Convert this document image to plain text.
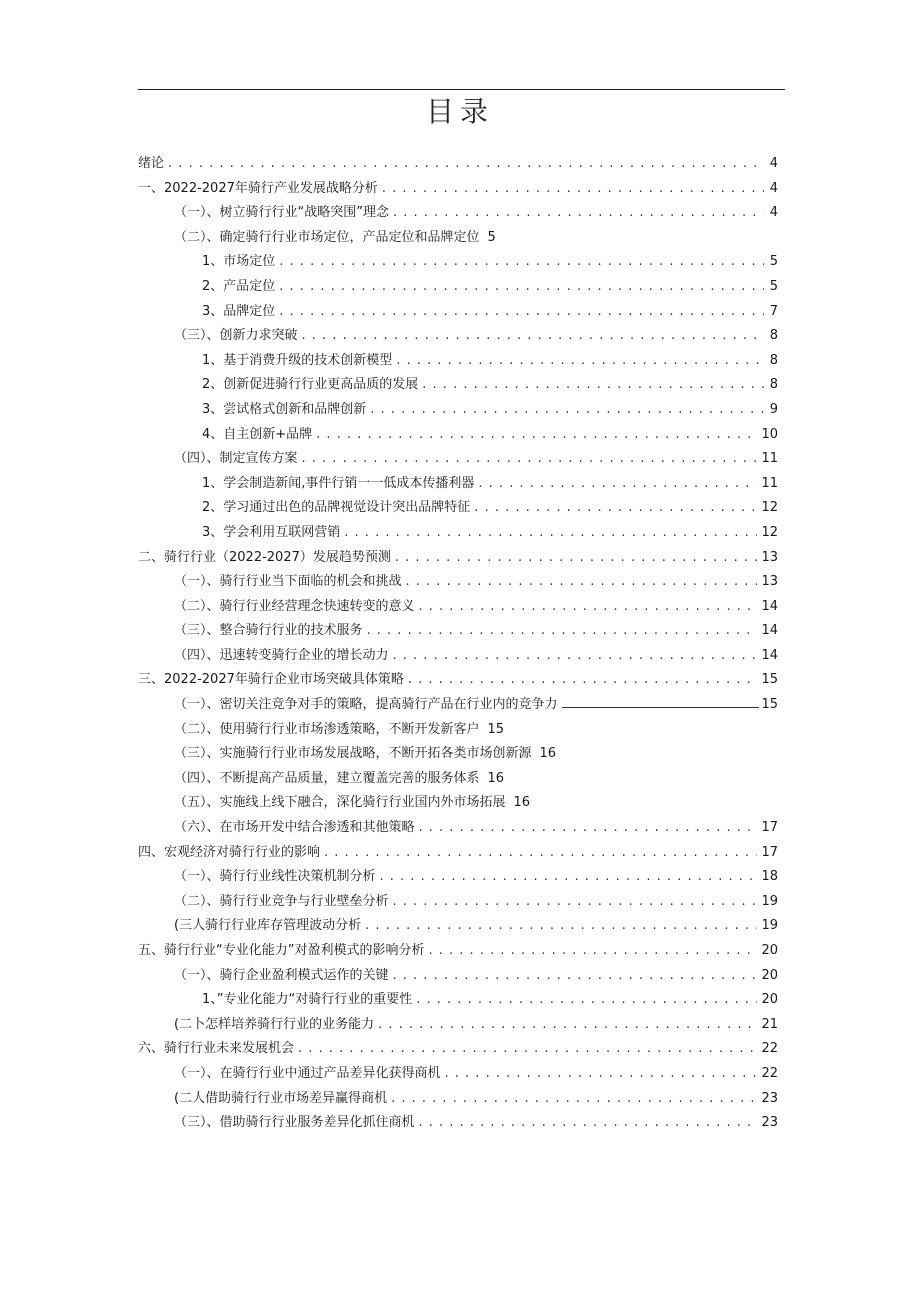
目录
绪论 . . .	4
一、2022-2027年骑行产业发展战略分析 . . .	4
（一）、树立骑行行业“战略突围”理念 . . .	4
（二）、确定骑行行业市场定位，产品定位和品牌定位 5
1、市场定位 . . .	5
2、产品定位 . . .	5
3、品牌定位 . . .	7
（三）、创新力求突破 . . .	8
1、基于消费升级的技术创新模型 . . .	8
2、创新促进骑行行业更高品质的发展 . . .	8
3、尝试格式创新和品牌创新 . . .	9
4、自主创新+品牌 . . .	10
（四）、制定宣传方案 . . .	11
1、学会制造新闻,事件行销一一低成本传播利器 . . .	11
2、学习通过出色的品牌视觉设计突出品牌特征 . . .	12
3、学会利用互联网营销 . . .	12
二、骑行行业（2022-2027）发展趋势预测 . . .	13
（一）、骑行行业当下面临的机会和挑战 . . .	13
（二）、骑行行业经营理念快速转变的意义 . . .	14
（三）、整合骑行行业的技术服务 . . .	14
（四）、迅速转变骑行企业的增长动力 . . .	14
三、2022-2027年骑行企业市场突破具体策略 . . .	15
（一）、密切关注竞争对手的策略，提高骑行产品在行业内的竞争力	15
（二）、使用骑行行业市场渗透策略，不断开发新客户 15
（三）、实施骑行行业市场发展战略，不断开拓各类市场创新源 16
（四）、不断提高产品质量，建立覆盖完善的服务体系 16
（五）、实施线上线下融合，深化骑行行业国内外市场拓展 16
（六）、在市场开发中结合渗透和其他策略 . . .	17
四、宏观经济对骑行行业的影响 . . .	17
（一）、骑行行业线性决策机制分析 . . .	18
（二）、骑行行业竞争与行业壁垒分析 . . .	19
(三人骑行行业库存管理波动分析 . . .	19
五、骑行行业“专业化能力”对盈利模式的影响分析 . . .	20
（一）、骑行企业盈利模式运作的关键 . . .	20
1、”专业化能力“对骑行行业的重要性 . . .	20
(二卜怎样培养骑行行业的业务能力 . . .	21
六、骑行行业未来发展机会 . . .	22
（一）、在骑行行业中通过产品差异化获得商机 . . .	22
(二人借助骑行行业市场差异赢得商机 . . .	23
（三）、借助骑行行业服务差异化抓住商机 . . .	23
